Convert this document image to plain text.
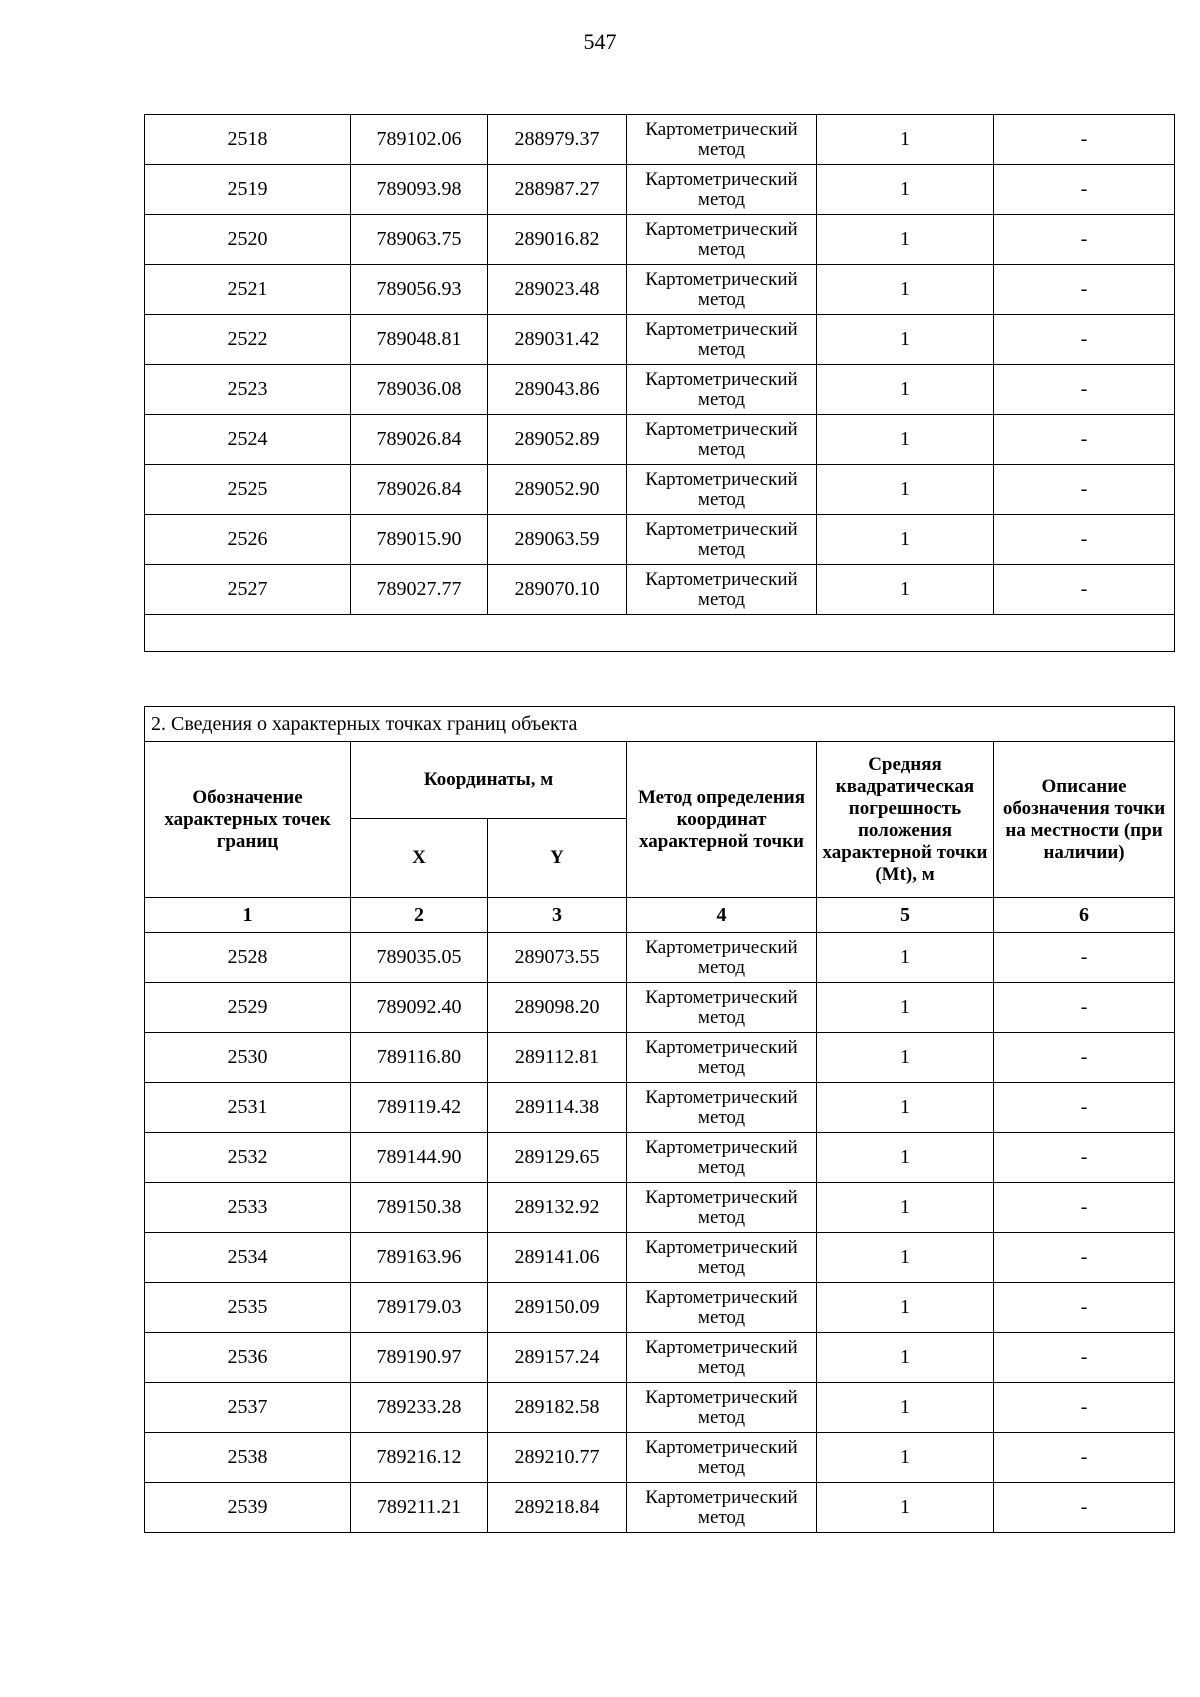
547
2518	789102.06	288979.37	Картометрический метод	1	-
2519	789093.98	288987.27	Картометрический метод	1	-
2520	789063.75	289016.82	Картометрический метод	1	-
2521	789056.93	289023.48	Картометрический метод	1	-
2522	789048.81	289031.42	Картометрический метод	1	-
2523	789036.08	289043.86	Картометрический метод	1	-
2524	789026.84	289052.89	Картометрический метод	1	-
2525	789026.84	289052.90	Картометрический метод	1	-
2526	789015.90	289063.59	Картометрический метод	1	-
2527	789027.77	289070.10	Картометрический метод	1	-

2. Сведения о характерных точках границ объекта					
Обозначение характерных точек границ	Координаты, м		Метод определения координат характерной точки	Средняя квадратическая погрешность положения характерной точки (Mt), м	Описание обозначения точки на местности (при наличии)
	X	Y			
1	2	3	4	5	6
2528	789035.05	289073.55	Картометрический метод	1	-
2529	789092.40	289098.20	Картометрический метод	1	-
2530	789116.80	289112.81	Картометрический метод	1	-
2531	789119.42	289114.38	Картометрический метод	1	-
2532	789144.90	289129.65	Картометрический метод	1	-
2533	789150.38	289132.92	Картометрический метод	1	-
2534	789163.96	289141.06	Картометрический метод	1	-
2535	789179.03	289150.09	Картометрический метод	1	-
2536	789190.97	289157.24	Картометрический метод	1	-
2537	789233.28	289182.58	Картометрический метод	1	-
2538	789216.12	289210.77	Картометрический метод	1	-
2539	789211.21	289218.84	Картометрический метод	1	-
